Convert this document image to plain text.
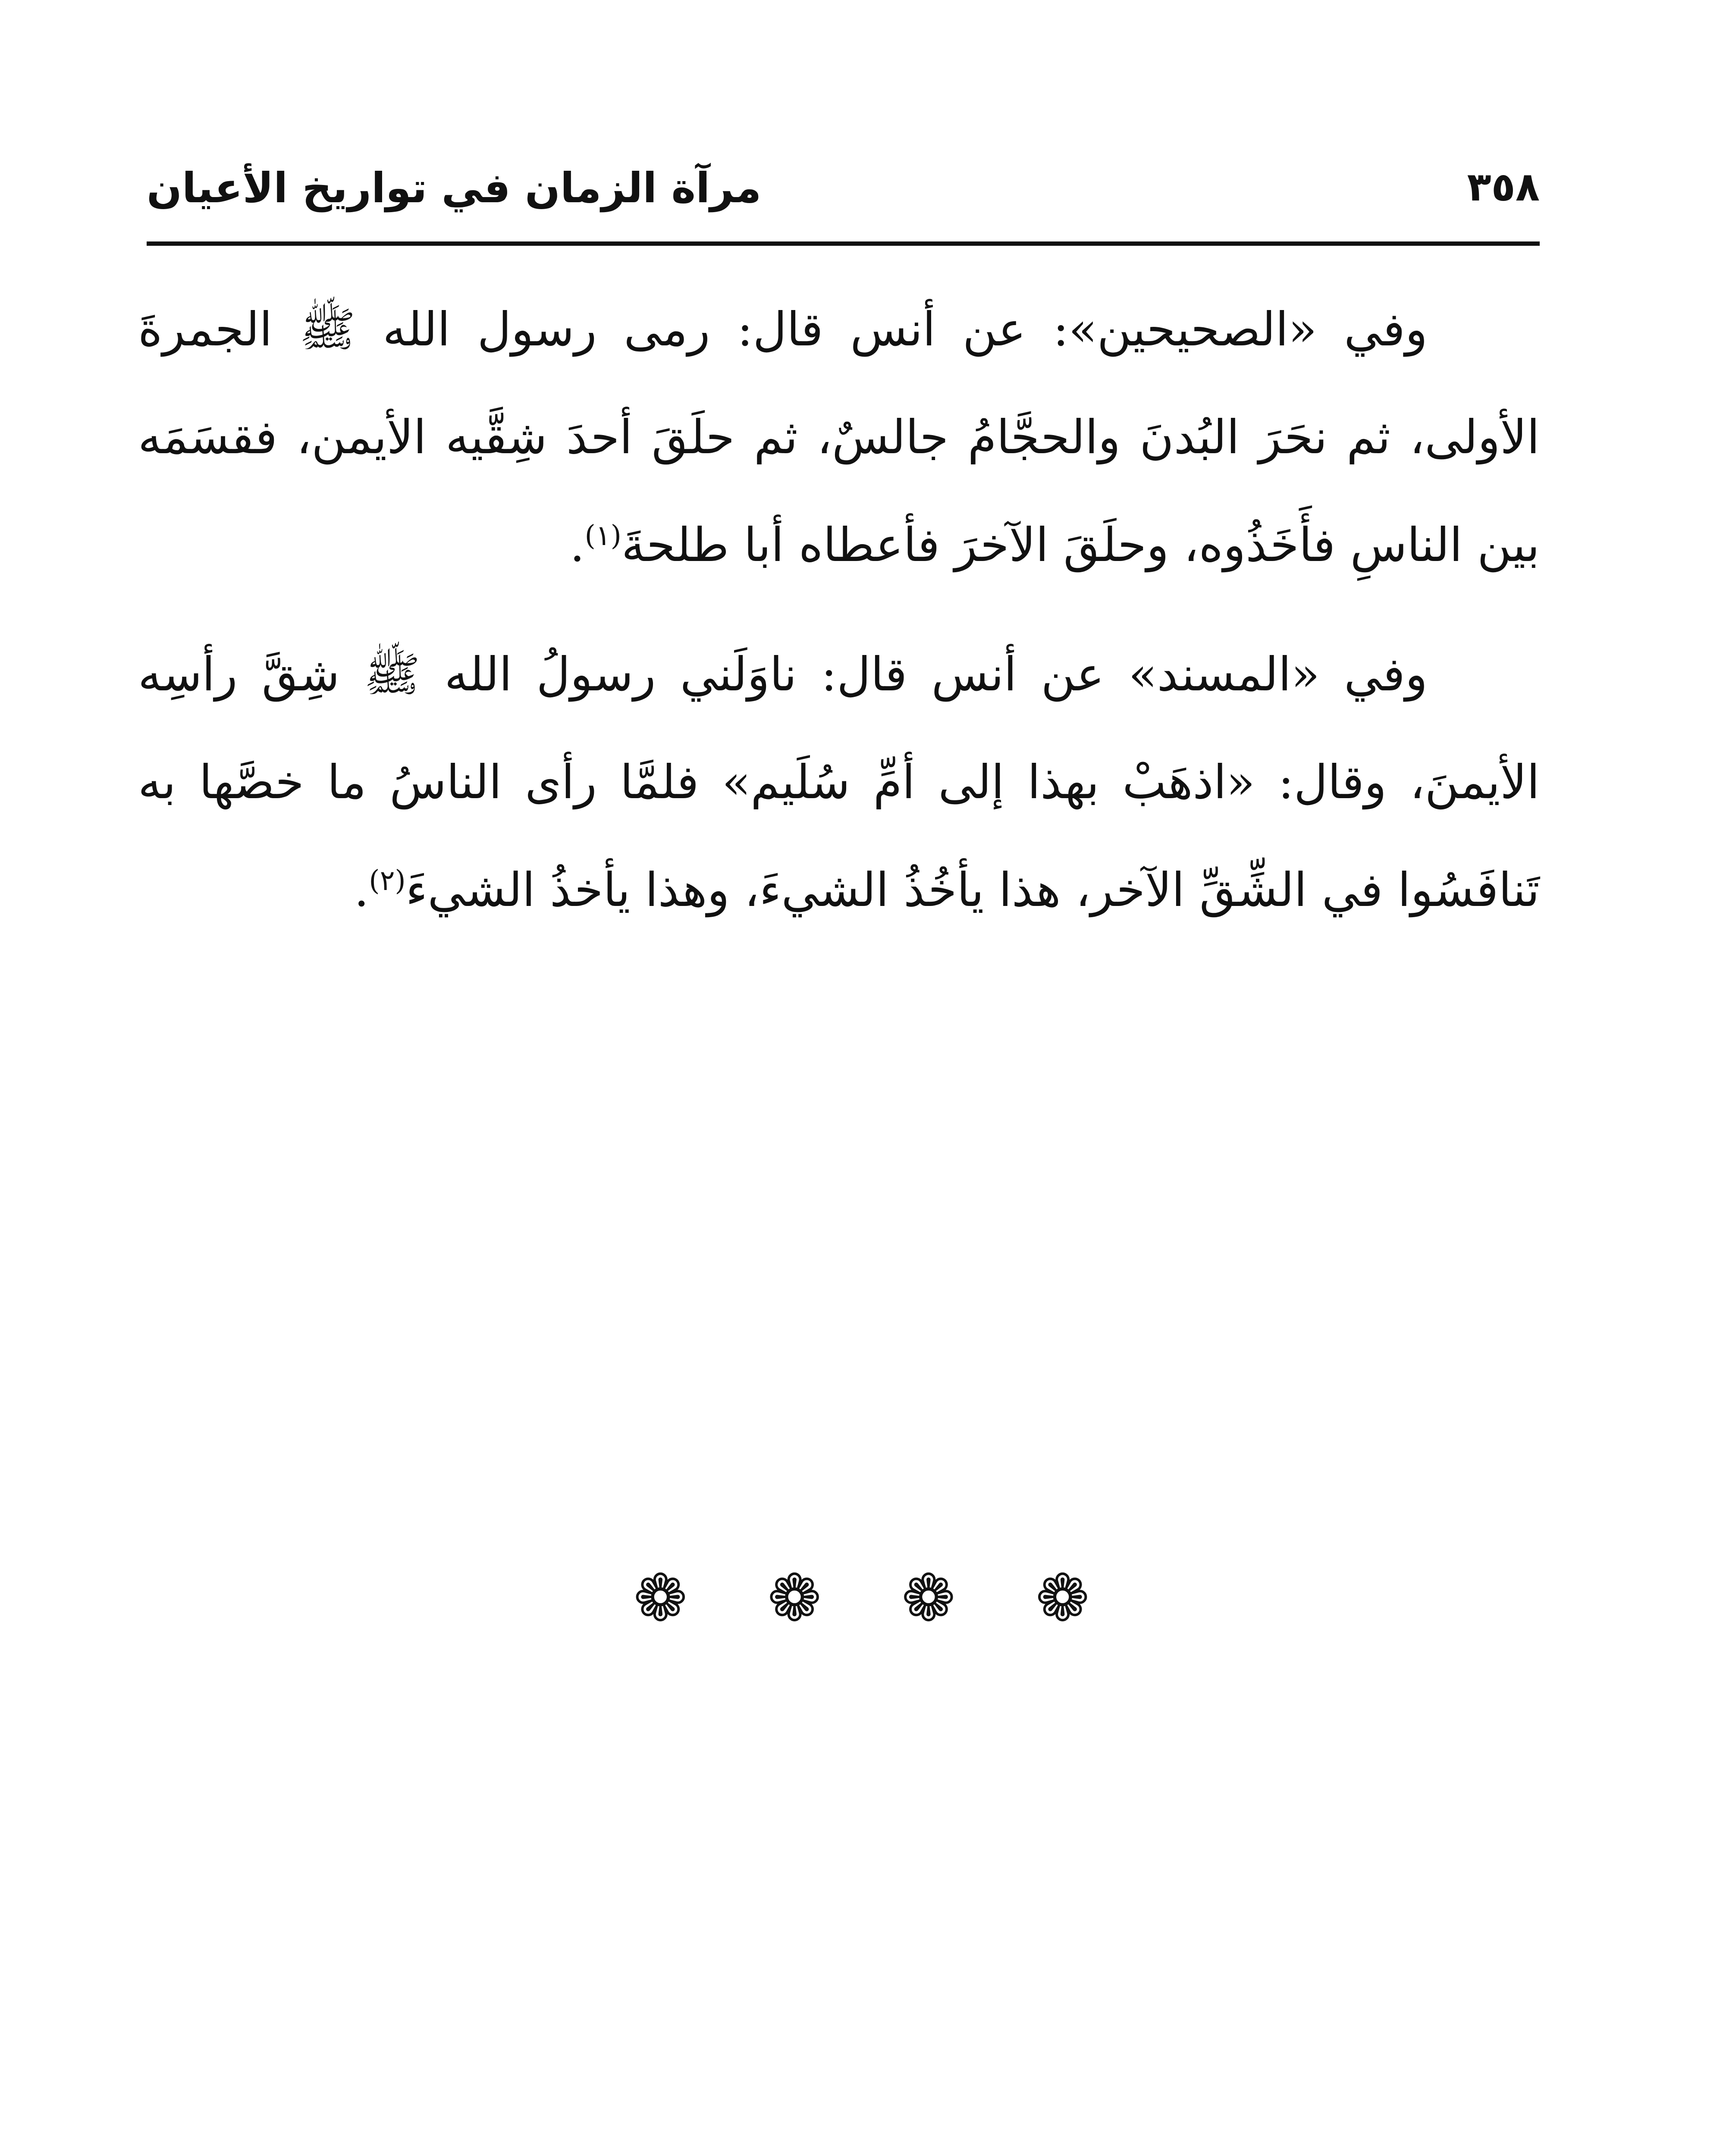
٣٥٨
مرآة الزمان في تواريخ الأعيان

وفي «الصحيحين»: عن أنس قال: رمى رسول الله ﷺ الجمرةَ الأولى، ثم نحَرَ البُدنَ والحجَّامُ جالسٌ، ثم حلَقَ أحدَ شِقَّيه الأيمن، فقسَمَه بين الناسِ فأَخَذُوه، وحلَقَ الآخرَ فأعطاه أبا طلحةَ$^{(١)}$.

وفي «المسند» عن أنس قال: ناوَلَني رسولُ الله ﷺ شِقَّ رأسِه الأيمنَ، وقال: «اذهَبْ بهذا إلى أمِّ سُلَيم» فلمَّا رأى الناسُ ما خصَّها به تَنافَسُوا في الشِّقِّ الآخر، هذا يأخُذُ الشيءَ، وهذا يأخذُ الشيءَ$^{(٢)}$.

❁ ❁ ❁ ❁
